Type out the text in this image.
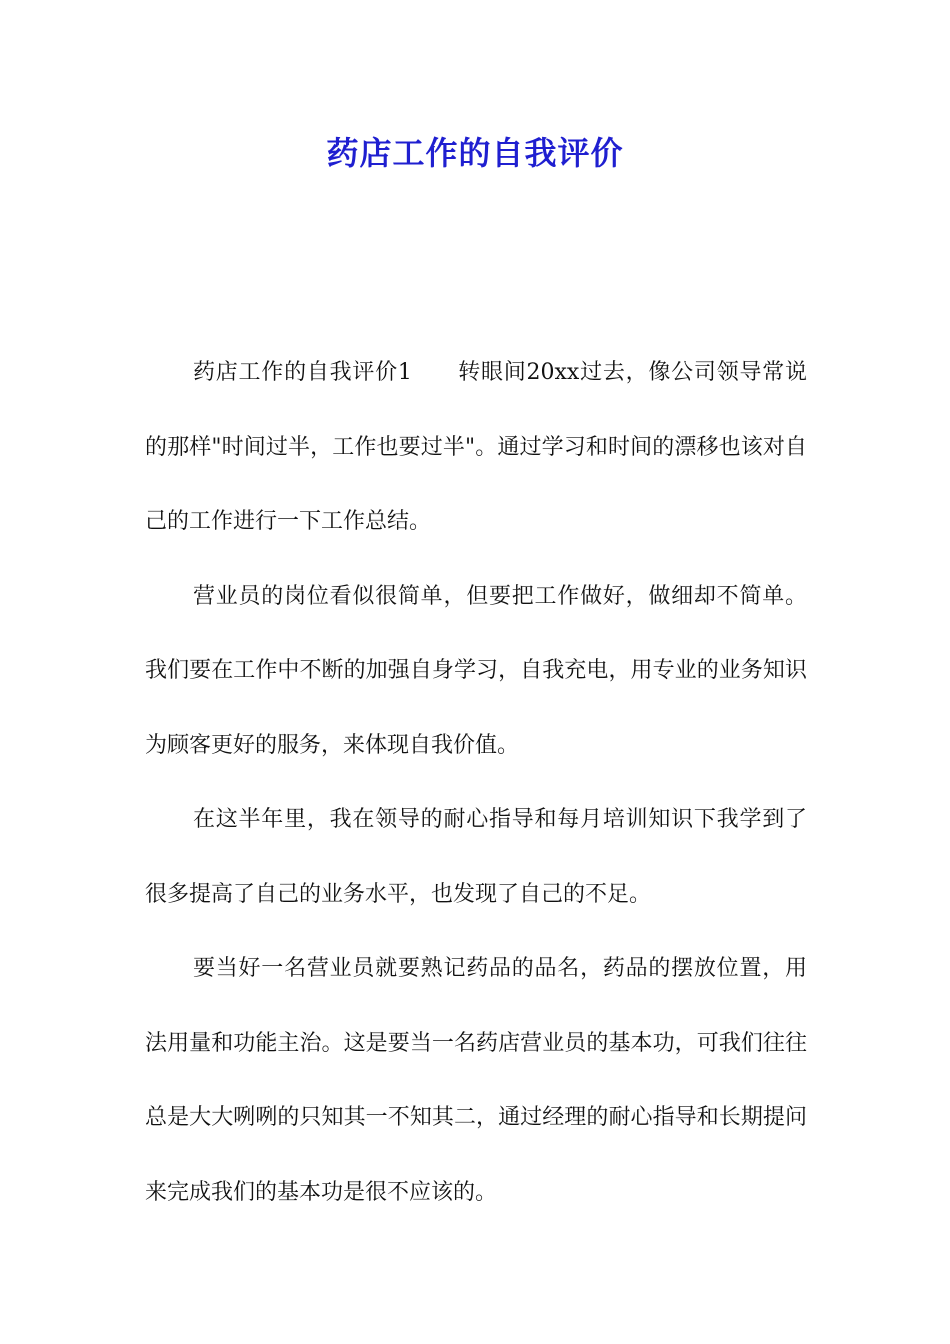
药店工作的自我评价

药店工作的自我评价1　　转眼间20xx过去，像公司领导常说的那样"时间过半，工作也要过半"。通过学习和时间的漂移也该对自己的工作进行一下工作总结。

营业员的岗位看似很简单，但要把工作做好，做细却不简单。我们要在工作中不断的加强自身学习，自我充电，用专业的业务知识为顾客更好的服务，来体现自我价值。

在这半年里，我在领导的耐心指导和每月培训知识下我学到了很多提高了自己的业务水平，也发现了自己的不足。

要当好一名营业员就要熟记药品的品名，药品的摆放位置，用法用量和功能主治。这是要当一名药店营业员的基本功，可我们往往总是大大咧咧的只知其一不知其二，通过经理的耐心指导和长期提问来完成我们的基本功是很不应该的。
